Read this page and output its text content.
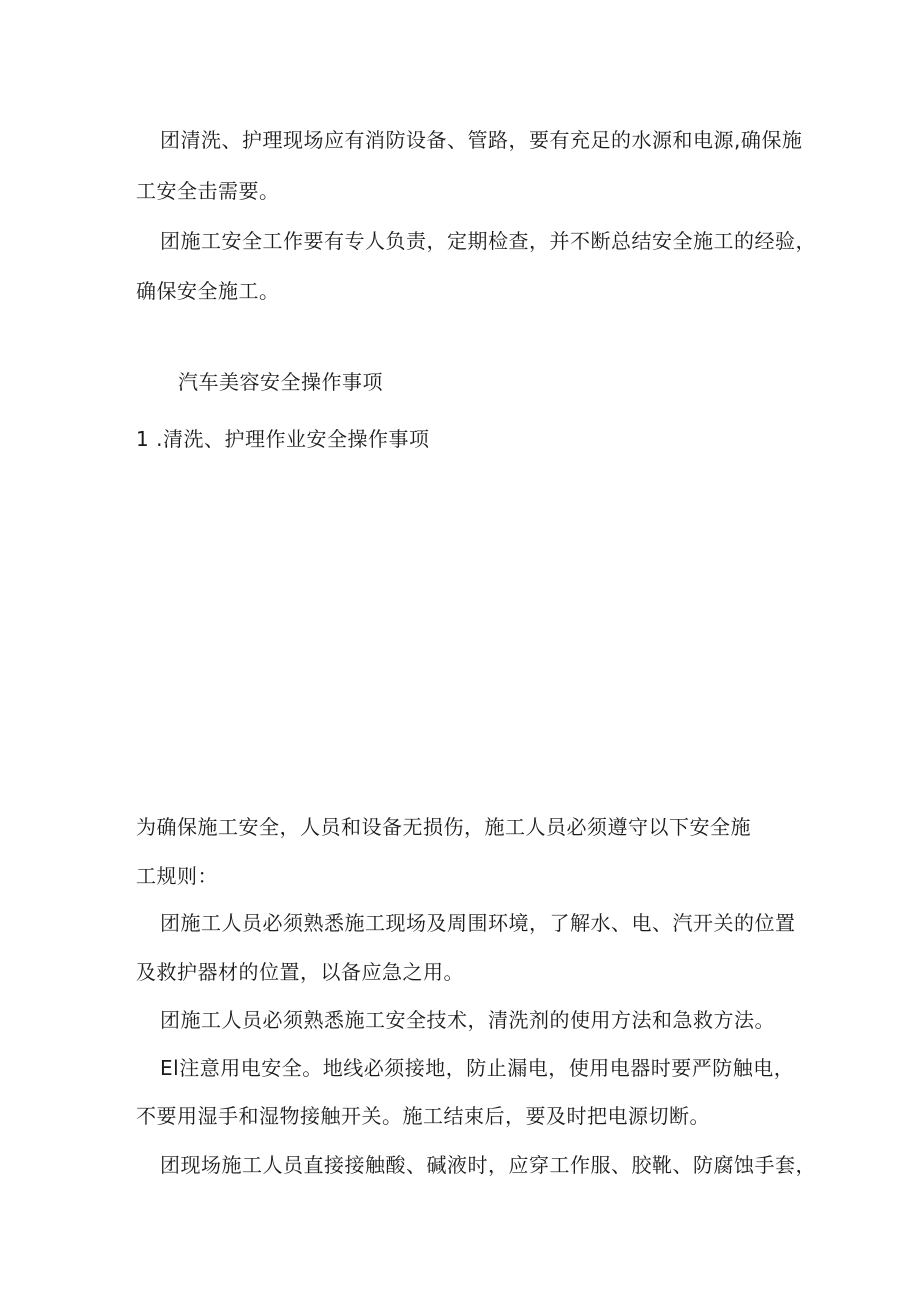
团清洗、护理现场应有消防设备、管路，要有充足的水源和电源,确保施
工安全击需要。
团施工安全工作要有专人负责，定期检查，并不断总结安全施工的经验，
确保安全施工。
汽车美容安全操作事项
1 .清洗、护理作业安全操作事项
为确保施工安全，人员和设备无损伤，施工人员必须遵守以下安全施
工规则：
团施工人员必须熟悉施工现场及周围环境，了解水、电、汽开关的位置
及救护器材的位置，以备应急之用。
团施工人员必须熟悉施工安全技术，清洗剂的使用方法和急救方法。
El注意用电安全。地线必须接地，防止漏电，使用电器时要严防触电，
不要用湿手和湿物接触开关。施工结束后，要及时把电源切断。
团现场施工人员直接接触酸、碱液时，应穿工作服、胶靴、防腐蚀手套，
